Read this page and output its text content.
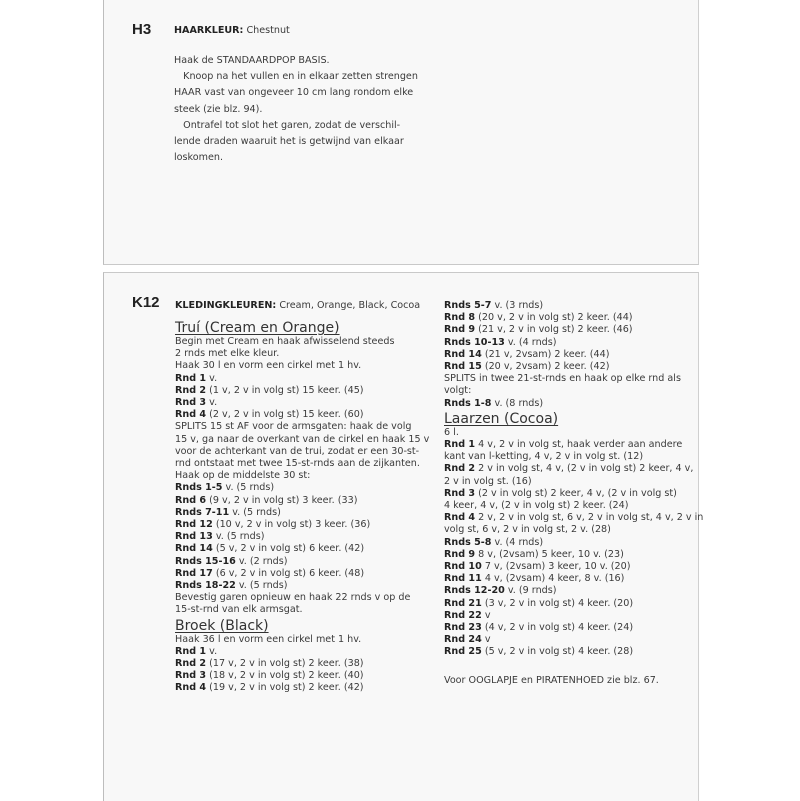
H3 HAARKLEUR: Chestnut
Haak de STANDAARDPOP BASIS.
Knoop na het vullen en in elkaar zetten strengen
HAAR vast van ongeveer 10 cm lang rondom elke
steek (zie blz. 94).
Ontrafel tot slot het garen, zodat de verschil-
lende draden waaruit het is getwijnd van elkaar
loskomen.
K12 KLEDINGKLEUREN: Cream, Orange, Black, Cocoa
Truí (Cream en Orange)
Begin met Cream en haak afwisselend steeds
2 rnds met elke kleur.
Haak 30 l en vorm een cirkel met 1 hv.
Rnd 1 v.
Rnd 2 (1 v, 2 v in volg st) 15 keer. (45)
Rnd 3 v.
Rnd 4 (2 v, 2 v in volg st) 15 keer. (60)
SPLITS 15 st AF voor de armsgaten: haak de volg
15 v, ga naar de overkant van de cirkel en haak 15 v
voor de achterkant van de trui, zodat er een 30-st-
rnd ontstaat met twee 15-st-rnds aan de zijkanten.
Haak op de middelste 30 st:
Rnds 1-5 v. (5 rnds)
Rnd 6 (9 v, 2 v in volg st) 3 keer. (33)
Rnds 7-11 v. (5 rnds)
Rnd 12 (10 v, 2 v in volg st) 3 keer. (36)
Rnd 13 v. (5 rnds)
Rnd 14 (5 v, 2 v in volg st) 6 keer. (42)
Rnds 15-16 v. (2 rnds)
Rnd 17 (6 v, 2 v in volg st) 6 keer. (48)
Rnds 18-22 v. (5 rnds)
Bevestig garen opnieuw en haak 22 rnds v op de
15-st-rnd van elk armsgat.
Broek (Black)
Haak 36 l en vorm een cirkel met 1 hv.
Rnd 1 v.
Rnd 2 (17 v, 2 v in volg st) 2 keer. (38)
Rnd 3 (18 v, 2 v in volg st) 2 keer. (40)
Rnd 4 (19 v, 2 v in volg st) 2 keer. (42)
Rnds 5-7 v. (3 rnds)
Rnd 8 (20 v, 2 v in volg st) 2 keer. (44)
Rnd 9 (21 v, 2 v in volg st) 2 keer. (46)
Rnds 10-13 v. (4 rnds)
Rnd 14 (21 v, 2vsam) 2 keer. (44)
Rnd 15 (20 v, 2vsam) 2 keer. (42)
SPLITS in twee 21-st-rnds en haak op elke rnd als
volgt:
Rnds 1-8 v. (8 rnds)
Laarzen (Cocoa)
6 l.
Rnd 1 4 v, 2 v in volg st, haak verder aan andere
kant van l-ketting, 4 v, 2 v in volg st. (12)
Rnd 2 2 v in volg st, 4 v, (2 v in volg st) 2 keer, 4 v,
2 v in volg st. (16)
Rnd 3 (2 v in volg st) 2 keer, 4 v, (2 v in volg st)
4 keer, 4 v, (2 v in volg st) 2 keer. (24)
Rnd 4 2 v, 2 v in volg st, 6 v, 2 v in volg st, 4 v, 2 v in
volg st, 6 v, 2 v in volg st, 2 v. (28)
Rnds 5-8 v. (4 rnds)
Rnd 9 8 v, (2vsam) 5 keer, 10 v. (23)
Rnd 10 7 v, (2vsam) 3 keer, 10 v. (20)
Rnd 11 4 v, (2vsam) 4 keer, 8 v. (16)
Rnds 12-20 v. (9 rnds)
Rnd 21 (3 v, 2 v in volg st) 4 keer. (20)
Rnd 22 v
Rnd 23 (4 v, 2 v in volg st) 4 keer. (24)
Rnd 24 v
Rnd 25 (5 v, 2 v in volg st) 4 keer. (28)
Voor OOGLAPJE en PIRATENHOED zie blz. 67.
